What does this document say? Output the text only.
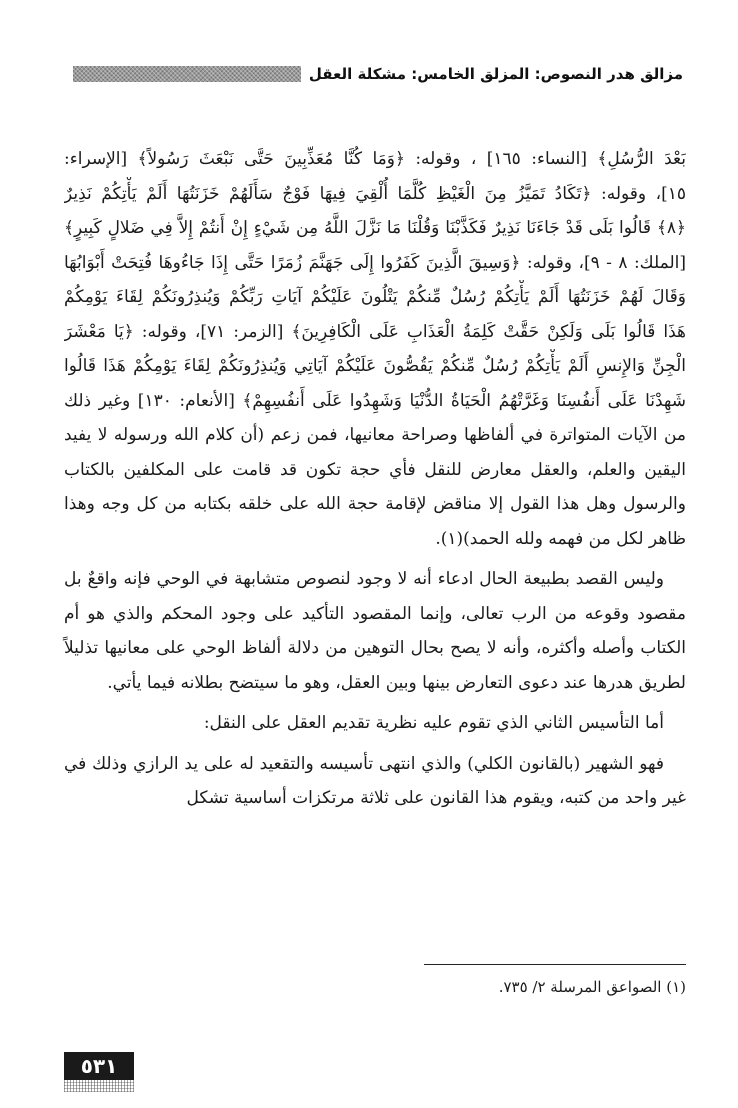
مزالق هدر النصوص: المزلق الخامس: مشكلة العقل
بَعْدَ الرُّسُلِ﴾ [النساء: ١٦٥] ، وقوله: ﴿وَمَا كُنَّا مُعَذِّبِينَ حَتَّى نَبْعَثَ رَسُولاً﴾ [الإسراء:
١٥]، وقوله: ﴿تَكَادُ تَمَيَّزُ مِنَ الْغَيْظِ كُلَّمَا أُلْقِيَ فِيهَا فَوْجٌ سَأَلَهُمْ خَزَنَتُهَا أَلَمْ يَأْتِكُمْ نَذِيرٌ
﴿٨﴾ قَالُوا بَلَى قَدْ جَاءَنَا نَذِيرٌ فَكَذَّبْنَا وَقُلْنَا مَا نَزَّلَ اللَّهُ مِن شَيْءٍ إِنْ أَنتُمْ إِلاَّ فِي ضَلالٍ كَبِيرٍ﴾
[الملك: ٨ - ٩]، وقوله: ﴿وَسِيقَ الَّذِينَ كَفَرُوا إِلَى جَهَنَّمَ زُمَرًا حَتَّى إِذَا جَاءُوهَا فُتِحَتْ أَبْوَابُهَا
وَقَالَ لَهُمْ خَزَنَتُهَا أَلَمْ يَأْتِكُمْ رُسُلٌ مِّنكُمْ يَتْلُونَ عَلَيْكُمْ آيَاتِ رَبِّكُمْ وَيُنذِرُونَكُمْ لِقَاءَ يَوْمِكُمْ
هَذَا قَالُوا بَلَى وَلَكِنْ حَقَّتْ كَلِمَةُ الْعَذَابِ عَلَى الْكَافِرِينَ﴾ [الزمر: ٧١]، وقوله: ﴿يَا مَعْشَرَ
الْجِنِّ وَالإِنسِ أَلَمْ يَأْتِكُمْ رُسُلٌ مِّنكُمْ يَقُصُّونَ عَلَيْكُمْ آيَاتِي وَيُنذِرُونَكُمْ لِقَاءَ يَوْمِكُمْ هَذَا قَالُوا
شَهِدْنَا عَلَى أَنفُسِنَا وَغَرَّتْهُمُ الْحَيَاةُ الدُّنْيَا وَشَهِدُوا عَلَى أَنفُسِهِمْ﴾ [الأنعام: ١٣٠] وغير ذلك

من الآيات المتواترة في ألفاظها وصراحة معانيها، فمن زعم (أن كلام الله ورسوله لا يفيد اليقين والعلم، والعقل معارض للنقل فأي حجة تكون قد قامت على المكلفين بالكتاب والرسول وهل هذا القول إلا مناقض لإقامة حجة الله على خلقه بكتابه من كل وجه وهذا ظاهر لكل من فهمه ولله الحمد)(١).

وليس القصد بطبيعة الحال ادعاء أنه لا وجود لنصوص متشابهة في الوحي فإنه واقعٌ بل مقصود وقوعه من الرب تعالى، وإنما المقصود التأكيد على وجود المحكم والذي هو أم الكتاب وأصله وأكثره، وأنه لا يصح بحال التوهين من دلالة ألفاظ الوحي على معانيها تذليلاً لطريق هدرها عند دعوى التعارض بينها وبين العقل، وهو ما سيتضح بطلانه فيما يأتي.

أما التأسيس الثاني الذي تقوم عليه نظرية تقديم العقل على النقل:

فهو الشهير (بالقانون الكلي) والذي انتهى تأسيسه والتقعيد له على يد الرازي وذلك في غير واحد من كتبه، ويقوم هذا القانون على ثلاثة مرتكزات أساسية تشكل

(١) الصواعق المرسلة ٢/ ٧٣٥.
٥٣١
